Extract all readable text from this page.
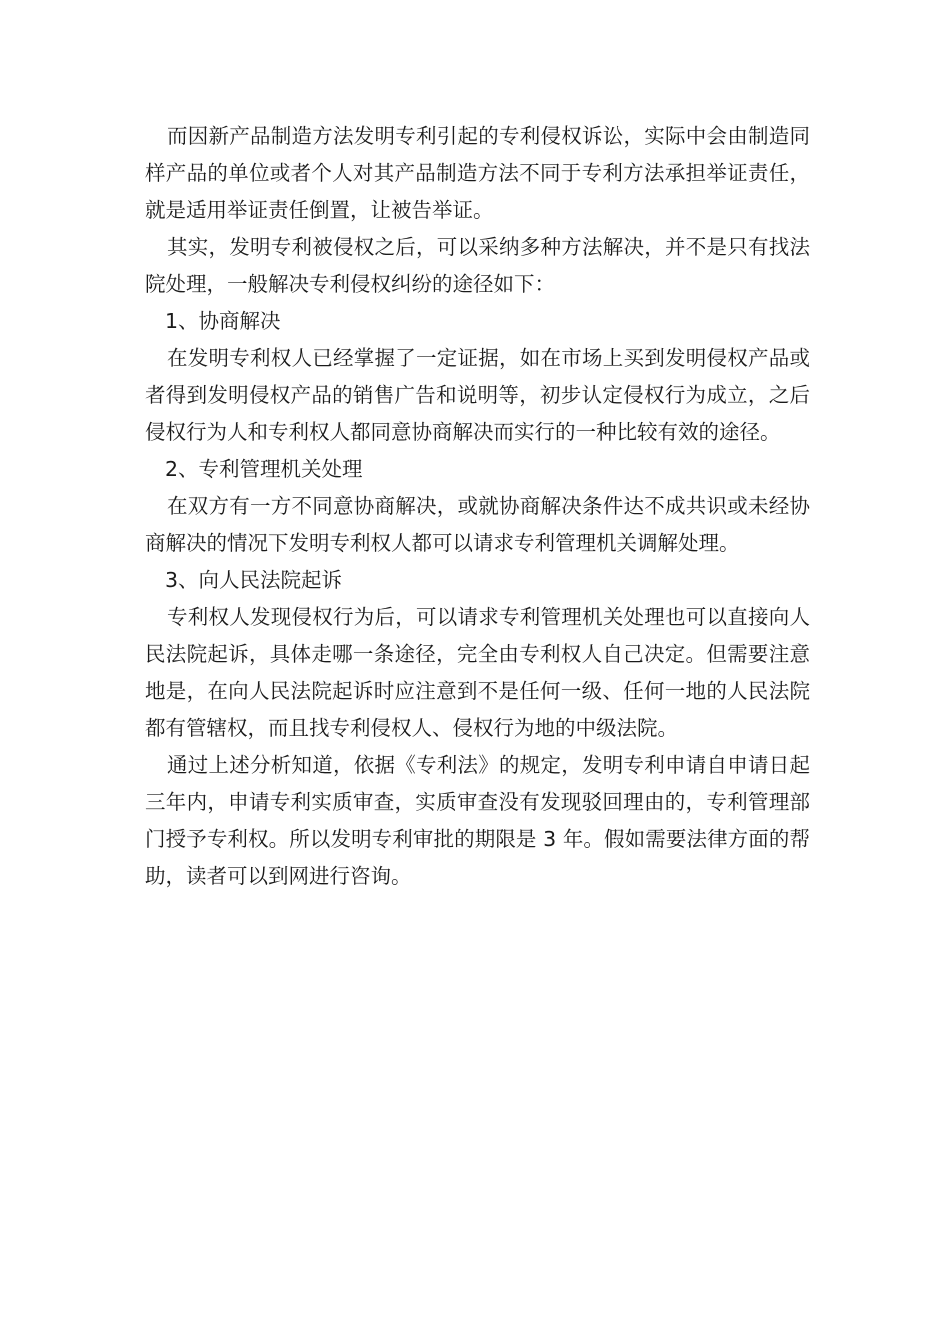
而因新产品制造方法发明专利引起的专利侵权诉讼，实际中会由制造同样产品的单位或者个人对其产品制造方法不同于专利方法承担举证责任，就是适用举证责任倒置，让被告举证。

其实，发明专利被侵权之后，可以采纳多种方法解决，并不是只有找法院处理，一般解决专利侵权纠纷的途径如下：

1、协商解决

在发明专利权人已经掌握了一定证据，如在市场上买到发明侵权产品或者得到发明侵权产品的销售广告和说明等，初步认定侵权行为成立，之后侵权行为人和专利权人都同意协商解决而实行的一种比较有效的途径。

2、专利管理机关处理

在双方有一方不同意协商解决，或就协商解决条件达不成共识或未经协商解决的情况下发明专利权人都可以请求专利管理机关调解处理。

3、向人民法院起诉

专利权人发现侵权行为后，可以请求专利管理机关处理也可以直接向人民法院起诉，具体走哪一条途径，完全由专利权人自己决定。但需要注意地是，在向人民法院起诉时应注意到不是任何一级、任何一地的人民法院都有管辖权，而且找专利侵权人、侵权行为地的中级法院。

通过上述分析知道，依据《专利法》的规定，发明专利申请自申请日起三年内，申请专利实质审查，实质审查没有发现驳回理由的，专利管理部门授予专利权。所以发明专利审批的期限是 3 年。假如需要法律方面的帮助，读者可以到网进行咨询。
